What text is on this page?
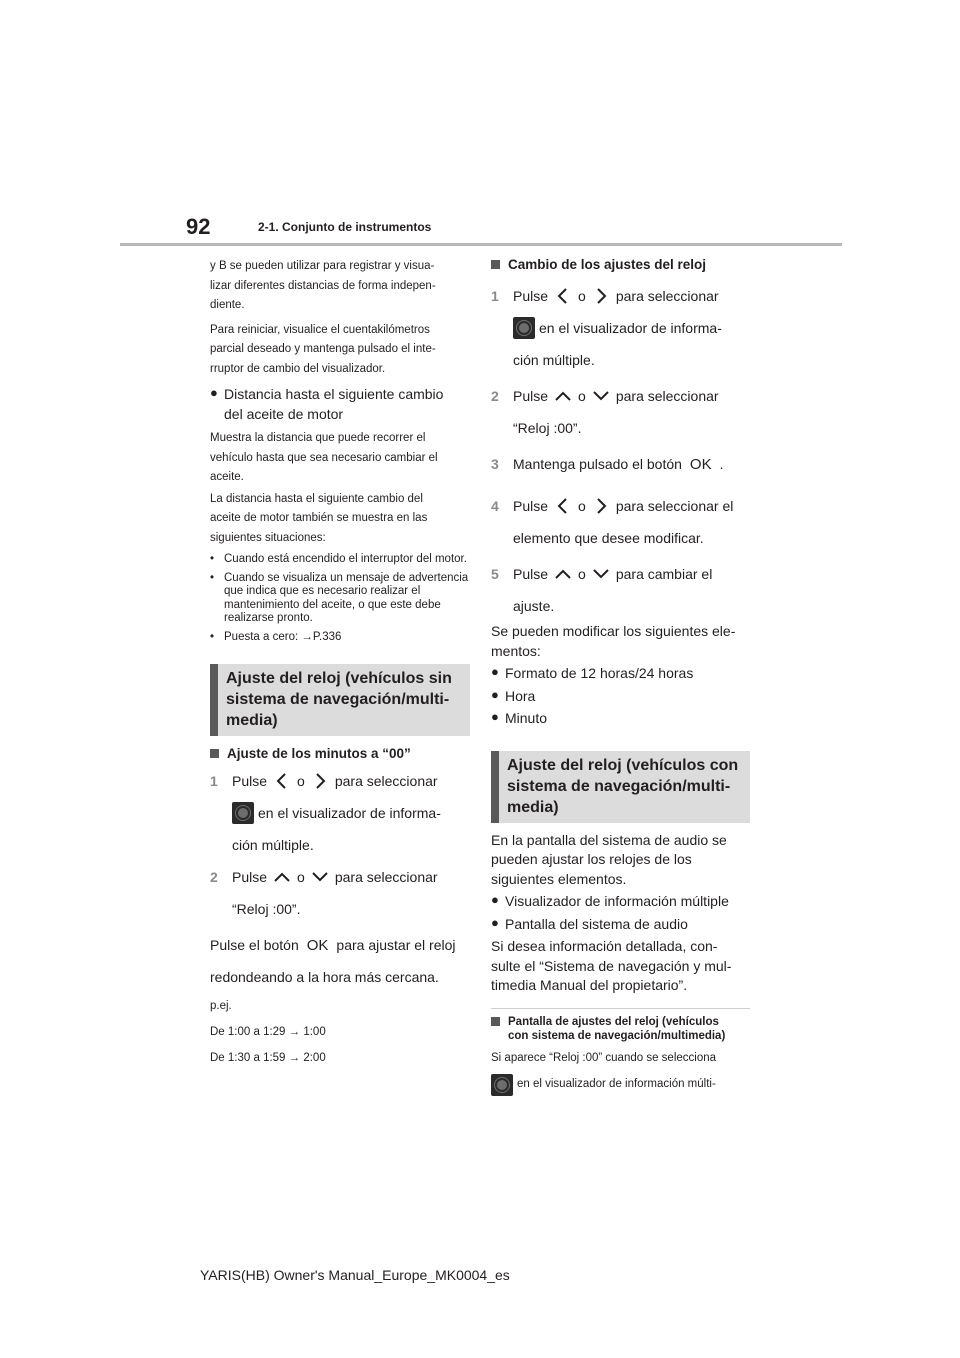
92	2-1. Conjunto de instrumentos

y B se pueden utilizar para registrar y visua-

lizar diferentes distancias de forma indepen-

diente.

Para reiniciar, visualice el cuentakilómetros

parcial deseado y mantenga pulsado el inte-

rruptor de cambio del visualizador.

● Distancia hasta el siguiente cambio

del aceite de motor

Muestra la distancia que puede recorrer el

vehículo hasta que sea necesario cambiar el

aceite.

La distancia hasta el siguiente cambio del

aceite de motor también se muestra en las

siguientes situaciones:

• Cuando está encendido el interruptor del motor.
• Cuando se visualiza un mensaje de advertencia que indica que es necesario realizar el mantenimiento del aceite, o que este debe realizarse pronto.
• Puesta a cero: →P.336

Ajuste del reloj (vehículos sin sistema de navegación/multi-media)

Ajuste de los minutos a “00”
1	Pulse o para seleccionar
en el visualizador de informa-
ción múltiple.
2	Pulse o para seleccionar
“Reloj :00”.
Pulse el botón OK para ajustar el reloj
redondeando a la hora más cercana.

p.ej.

De 1:00 a 1:29 → 1:00

De 1:30 a 1:59 → 2:00

Cambio de los ajustes del reloj
1	Pulse o para seleccionar
en el visualizador de informa-
ción múltiple.
2	Pulse o para seleccionar
“Reloj :00”.
3	Mantenga pulsado el botón OK .
4	Pulse o para seleccionar el
elemento que desee modificar.
5	Pulse o para cambiar el
ajuste.

Se pueden modificar los siguientes ele-

mentos:

● Formato de 12 horas/24 horas
● Hora
● Minuto

Ajuste del reloj (vehículos con sistema de navegación/multi-media)

En la pantalla del sistema de audio se

pueden ajustar los relojes de los

siguientes elementos.

● Visualizador de información múltiple
● Pantalla del sistema de audio

Si desea información detallada, con-

sulte el “Sistema de navegación y mul-

timedia Manual del propietario”.

Pantalla de ajustes del reloj (vehículos
con sistema de navegación/multimedia)

Si aparece “Reloj :00” cuando se selecciona

en el visualizador de información múlti-
YARIS(HB) Owner's Manual_Europe_MK0004_es
